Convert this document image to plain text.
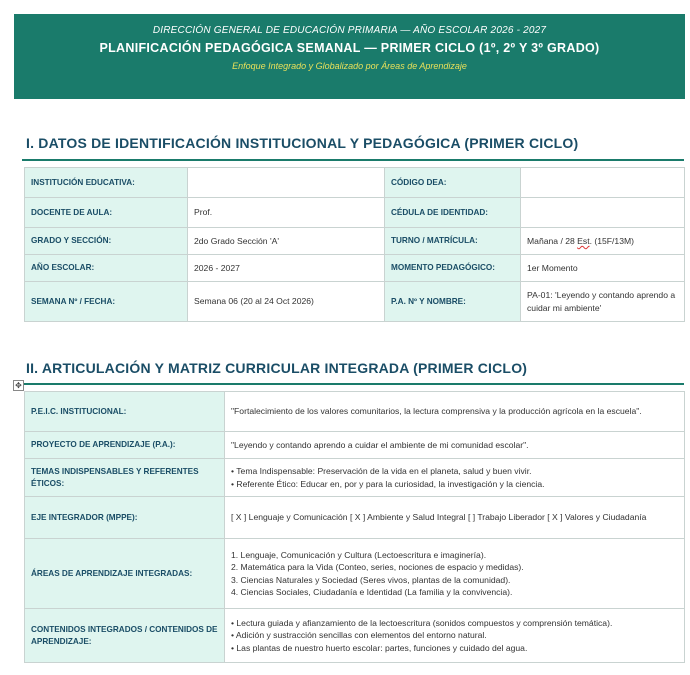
DIRECCIÓN GENERAL DE EDUCACIÓN PRIMARIA — AÑO ESCOLAR 2026 - 2027
PLANIFICACIÓN PEDAGÓGICA SEMANAL — PRIMER CICLO (1º, 2º Y 3º GRADO)
Enfoque Integrado y Globalizado por Áreas de Aprendizaje
I. DATOS DE IDENTIFICACIÓN INSTITUCIONAL Y PEDAGÓGICA (PRIMER CICLO)
INSTITUCIÓN EDUCATIVA:		CÓDIGO DEA:	
DOCENTE DE AULA:	Prof.	CÉDULA DE IDENTIDAD:	
GRADO Y SECCIÓN:	2do Grado Sección 'A'	TURNO / MATRÍCULA:	Mañana / 28 Est. (15F/13M)
AÑO ESCOLAR:	2026 - 2027	MOMENTO PEDAGÓGICO:	1er Momento
SEMANA Nº / FECHA:	Semana 06 (20 al 24 Oct 2026)	P.A. Nº Y NOMBRE:	PA-01: 'Leyendo y contando aprendo a cuidar mi ambiente'
II. ARTICULACIÓN Y MATRIZ CURRICULAR INTEGRADA (PRIMER CICLO)
✥
P.E.I.C. INSTITUCIONAL:	"Fortalecimiento de los valores comunitarios, la lectura comprensiva y la producción agrícola en la escuela".
PROYECTO DE APRENDIZAJE (P.A.):	"Leyendo y contando aprendo a cuidar el ambiente de mi comunidad escolar".
TEMAS INDISPENSABLES Y REFERENTES ÉTICOS:	• Tema Indispensable: Preservación de la vida en el planeta, salud y buen vivir.
• Referente Ético: Educar en, por y para la curiosidad, la investigación y la ciencia.

EJE INTEGRADOR (MPPE):	[ X ] Lenguaje y Comunicación [ X ] Ambiente y Salud Integral [ ] Trabajo Liberador [ X ] Valores y Ciudadanía
ÁREAS DE APRENDIZAJE INTEGRADAS:	1. Lenguaje, Comunicación y Cultura (Lectoescritura e imaginería).
2. Matemática para la Vida (Conteo, series, nociones de espacio y medidas).
3. Ciencias Naturales y Sociedad (Seres vivos, plantas de la comunidad).
4. Ciencias Sociales, Ciudadanía e Identidad (La familia y la convivencia).

CONTENIDOS INTEGRADOS / CONTENIDOS DE APRENDIZAJE:	• Lectura guiada y afianzamiento de la lectoescritura (sonidos compuestos y comprensión temática).
• Adición y sustracción sencillas con elementos del entorno natural.
• Las plantas de nuestro huerto escolar: partes, funciones y cuidado del agua.
